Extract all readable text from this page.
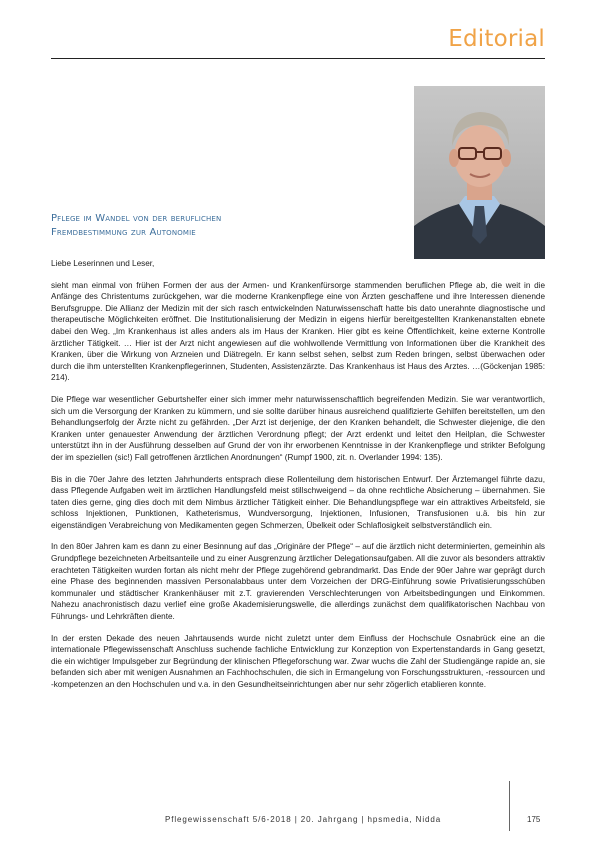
Editorial
Pflege im Wandel von der beruflichen
Fremdbestimmung zur Autonomie

Liebe Leserinnen und Leser,

sieht man einmal von frühen Formen der aus der Armen- und Krankenfürsorge stammenden beruflichen Pflege ab, die weit in die Anfänge des Christentums zurückgehen, war die moderne Krankenpflege eine von Ärzten geschaffene und ihre Interessen dienende Berufsgruppe. Die Allianz der Medizin mit der sich rasch entwickelnden Naturwissenschaft hatte bis dato unerahnte diagnostische und therapeutische Möglichkeiten eröffnet. Die Institutionalisierung der Medizin in eigens hierfür bereitgestellten Krankenanstalten ebnete dabei den Weg. „Im Krankenhaus ist alles anders als im Haus der Kranken. Hier gibt es keine Öffentlichkeit, keine externe Kontrolle ärztlicher Tätigkeit. … Hier ist der Arzt nicht angewiesen auf die wohlwollende Vermittlung von Informationen über die Krankheit des Kranken, über die Wirkung von Arzneien und Diätregeln. Er kann selbst sehen, selbst zum Reden bringen, selbst überwachen oder durch die ihm unterstellten Krankenpflegerinnen, Studenten, Assistenzärzte. Das Krankenhaus ist Haus des Arztes. …(Göckenjan 1985: 214).

Die Pflege war wesentlicher Geburtshelfer einer sich immer mehr naturwissenschaftlich begreifenden Medizin. Sie war verantwortlich, sich um die Versorgung der Kranken zu kümmern, und sie sollte darüber hinaus ausreichend qualifizierte Gehilfen bereitstellen, um den Behandlungserfolg der Ärzte nicht zu gefährden. „Der Arzt ist derjenige, der den Kranken behandelt, die Schwester diejenige, die den Kranken unter genauester Anwendung der ärztlichen Verordnung pflegt; der Arzt erdenkt und leitet den Heilplan, die Schwester unterstützt ihn in der Ausführung desselben auf Grund der von ihr erworbenen Kenntnisse in der Krankenpflege und strikter Befolgung der im speziellen (sic!) Fall getroffenen ärztlichen Anordnungen“ (Rumpf 1900, zit. n. Overlander 1994: 135).

Bis in die 70er Jahre des letzten Jahrhunderts entsprach diese Rollenteilung dem historischen Entwurf. Der Ärztemangel führte dazu, dass Pflegende Aufgaben weit im ärztlichen Handlungsfeld meist stillschweigend – da ohne rechtliche Absicherung – übernahmen. Sie taten dies gerne, ging dies doch mit dem Nimbus ärztlicher Tätigkeit einher. Die Behandlungspflege war ein attraktives Arbeitsfeld, sie schloss Injektionen, Punktionen, Katheterismus, Wundversorgung, Injektionen, Infusionen, Transfusionen u.ä. bis hin zur eigenständigen Verabreichung von Medikamenten gegen Schmerzen, Übelkeit oder Schlaflosigkeit selbstverständlich ein.

In den 80er Jahren kam es dann zu einer Besinnung auf das „Originäre der Pflege“ – auf die ärztlich nicht determinierten, gemeinhin als Grundpflege bezeichneten Arbeitsanteile und zu einer Ausgrenzung ärztlicher Delegationsaufgaben. All die zuvor als besonders attraktiv erachteten Tätigkeiten wurden fortan als nicht mehr der Pflege zugehörend gebrandmarkt. Das Ende der 90er Jahre war geprägt durch eine Phase des beginnenden massiven Personalabbaus unter dem Vorzeichen der DRG-Einführung sowie Privatisierungsschüben kommunaler und städtischer Krankenhäuser mit z.T. gravierenden Verschlechterungen von Arbeitsbedingungen und Einkommen. Nahezu anachronistisch dazu verlief eine große Akademisierungswelle, die allerdings zunächst dem qualifikatorischen Nachbau von Führungs- und Lehrkräften diente.

In der ersten Dekade des neuen Jahrtausends wurde nicht zuletzt unter dem Einfluss der Hochschule Osnabrück eine an die internationale Pflegewissenschaft Anschluss suchende fachliche Entwicklung zur Konzeption von Expertenstandards in Gang gesetzt, die ein wichtiger Impulsgeber zur Begründung der klinischen Pflegeforschung war. Zwar wuchs die Zahl der Studiengänge rapide an, sie befanden sich aber mit wenigen Ausnahmen an Fachhochschulen, die sich in Ermangelung von Forschungsstrukturen, -ressourcen und -kompetenzen an den Hochschulen und v.a. in den Gesundheitseinrichtungen aber nur sehr zögerlich etablieren konnte.

Pflegewissenschaft 5/6-2018 | 20. Jahrgang | hpsmedia, Nidda	175
